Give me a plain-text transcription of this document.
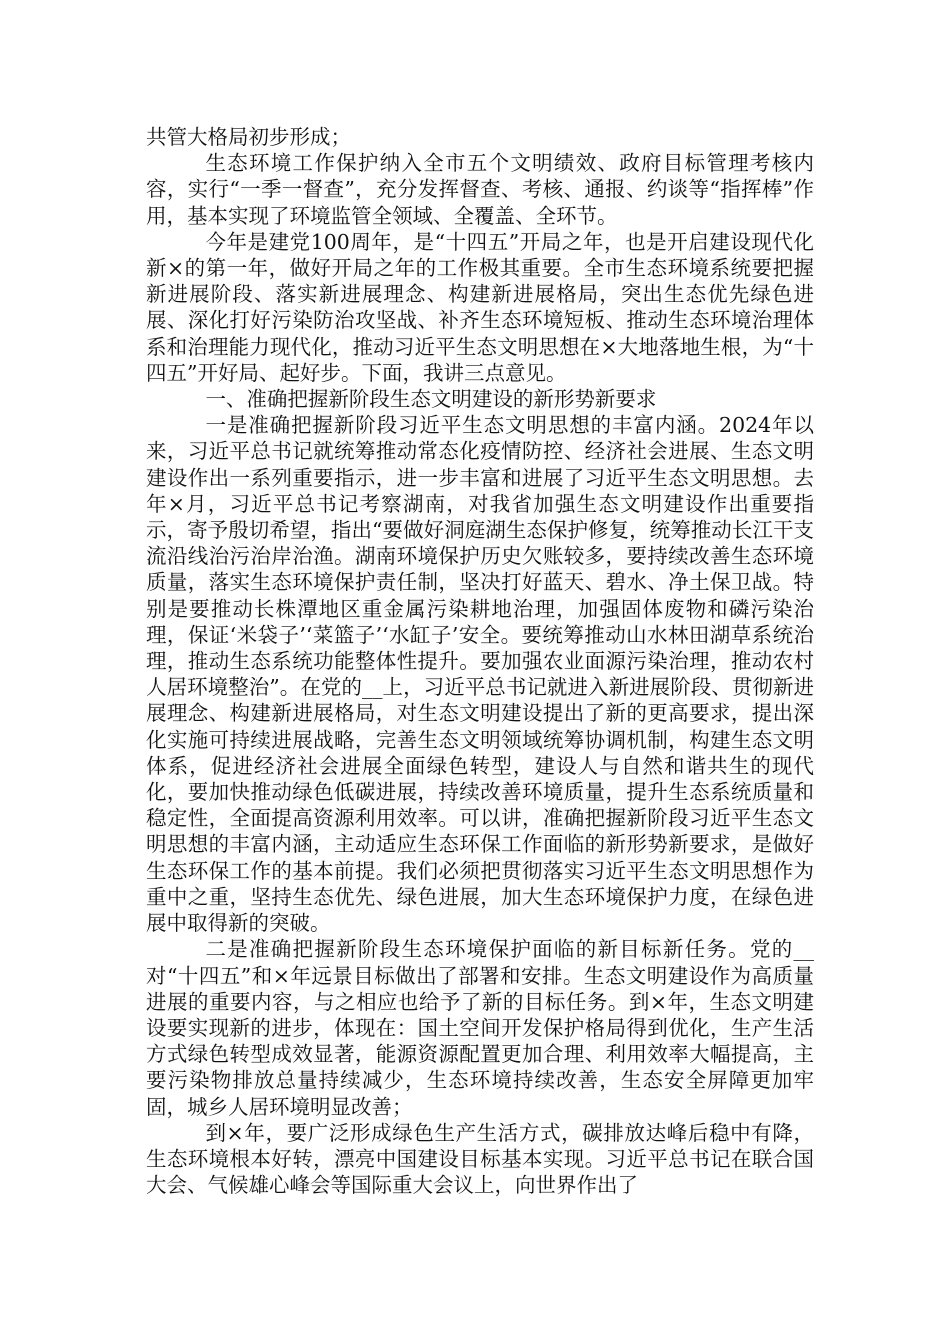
共管大格局初步形成；

生态环境工作保护纳入全市五个文明绩效、政府目标管理考核内容，实行“一季一督查”，充分发挥督查、考核、通报、约谈等“指挥棒”作用，基本实现了环境监管全领域、全覆盖、全环节。

今年是建党100周年，是“十四五”开局之年，也是开启建设现代化新×的第一年，做好开局之年的工作极其重要。全市生态环境系统要把握新进展阶段、落实新进展理念、构建新进展格局，突出生态优先绿色进展、深化打好污染防治攻坚战、补齐生态环境短板、推动生态环境治理体系和治理能力现代化，推动习近平生态文明思想在×大地落地生根，为“十四五”开好局、起好步。下面，我讲三点意见。

一、准确把握新阶段生态文明建设的新形势新要求

一是准确把握新阶段习近平生态文明思想的丰富内涵。2024年以来，习近平总书记就统筹推动常态化疫情防控、经济社会进展、生态文明建设作出一系列重要指示，进一步丰富和进展了习近平生态文明思想。去年×月，习近平总书记考察湖南，对我省加强生态文明建设作出重要指示，寄予殷切希望，指出“要做好洞庭湖生态保护修复，统筹推动长江干支流沿线治污治岸治渔。湖南环境保护历史欠账较多，要持续改善生态环境质量，落实生态环境保护责任制，坚决打好蓝天、碧水、净土保卫战。特别是要推动长株潭地区重金属污染耕地治理，加强固体废物和磷污染治理，保证‘米袋子’‘菜篮子’‘水缸子’安全。要统筹推动山水林田湖草系统治理，推动生态系统功能整体性提升。要加强农业面源污染治理，推动农村人居环境整治”。在党的__上，习近平总书记就进入新进展阶段、贯彻新进展理念、构建新进展格局，对生态文明建设提出了新的更高要求，提出深化实施可持续进展战略，完善生态文明领域统筹协调机制，构建生态文明体系，促进经济社会进展全面绿色转型，建设人与自然和谐共生的现代化，要加快推动绿色低碳进展，持续改善环境质量，提升生态系统质量和稳定性，全面提高资源利用效率。可以讲，准确把握新阶段习近平生态文明思想的丰富内涵，主动适应生态环保工作面临的新形势新要求，是做好生态环保工作的基本前提。我们必须把贯彻落实习近平生态文明思想作为重中之重，坚持生态优先、绿色进展，加大生态环境保护力度，在绿色进展中取得新的突破。

二是准确把握新阶段生态环境保护面临的新目标新任务。党的__对“十四五”和×年远景目标做出了部署和安排。生态文明建设作为高质量进展的重要内容，与之相应也给予了新的目标任务。到×年，生态文明建设要实现新的进步，体现在：国土空间开发保护格局得到优化，生产生活方式绿色转型成效显著，能源资源配置更加合理、利用效率大幅提高，主要污染物排放总量持续减少，生态环境持续改善，生态安全屏障更加牢固，城乡人居环境明显改善；

到×年，要广泛形成绿色生产生活方式，碳排放达峰后稳中有降，生态环境根本好转，漂亮中国建设目标基本实现。习近平总书记在联合国大会、气候雄心峰会等国际重大会议上，向世界作出了
